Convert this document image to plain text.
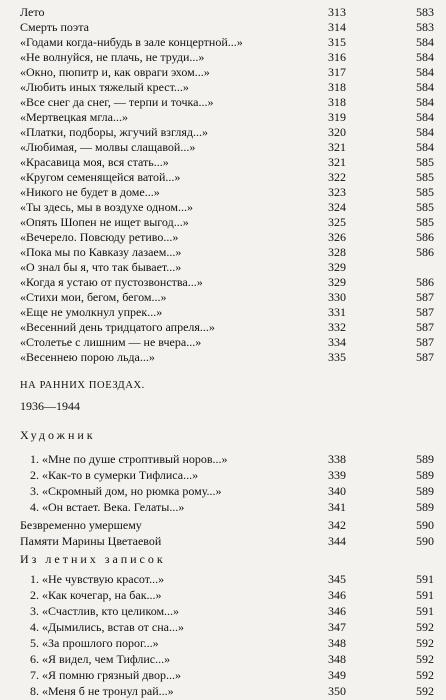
Лето	313	583
Смерть поэта	314	583
«Годами когда-нибудь в зале концертной...»	315	584
«Не волнуйся, не плачь, не труди...»	316	584
«Окно, пюпитр и, как овраги эхом...»	317	584
«Любить иных тяжелый крест...»	318	584
«Все снег да снег, — терпи и точка...»	318	584
«Мертвецкая мгла...»	319	584
«Платки, подборы, жгучий взгляд...»	320	584
«Любимая, — молвы слащавой...»	321	584
«Красавица моя, вся стать...»	321	585
«Кругом семенящейся ватой...»	322	585
«Никого не будет в доме...»	323	585
«Ты здесь, мы в воздухе одном...»	324	585
«Опять Шопен не ищет выгод...»	325	585
«Вечерело. Повсюду ретиво...»	326	586
«Пока мы по Кавказу лазаем...»	328	586
«О знал бы я, что так бывает...»	329
«Когда я устаю от пустозвонства...»	329	586
«Стихи мои, бегом, бегом...»	330	587
«Еще не умолкнул упрек...»	331	587
«Весенний день тридцатого апреля...»	332	587
«Столетье с лишним — не вчера...»	334	587
«Весеннею порою льда...»	335	587
НА РАННИХ ПОЕЗДАХ.
1936—1944
Художник
1. «Мне по душе строптивый норов...»	338	589
2. «Как-то в сумерки Тифлиса...»	339	589
3. «Скромный дом, но рюмка рому...»	340	589
4. «Он встает. Века. Гелаты...»	341	589
Безвременно умершему	342	590
Памяти Марины Цветаевой	344	590
Из летних записок
1. «Не чувствую красот...»	345	591
2. «Как кочегар, на бак...»	346	591
3. «Счастлив, кто целиком...»	346	591
4. «Дымились, встав от сна...»	347	592
5. «За прошлого порог...»	348	592
6. «Я видел, чем Тифлис...»	348	592
7. «Я помню грязный двор...»	349	592
8. «Меня б не тронул рай...»	350	592
